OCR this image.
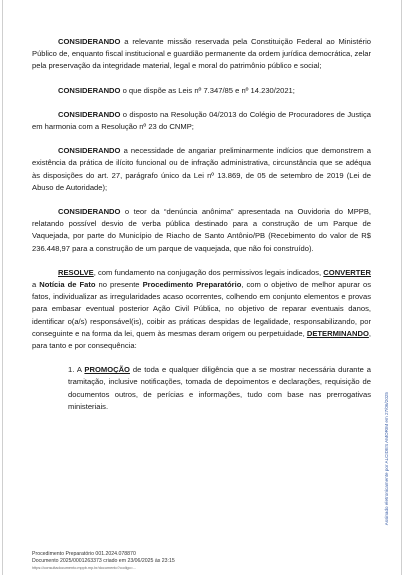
CONSIDERANDO a relevante missão reservada pela Constituição Federal ao Ministério Público de, enquanto fiscal institucional e guardião permanente da ordem jurídica democrática, zelar pela preservação da integridade material, legal e moral do patrimônio público e social;

CONSIDERANDO o que dispõe as Leis nº 7.347/85 e nº 14.230/2021;

CONSIDERANDO o disposto na Resolução 04/2013 do Colégio de Procuradores de Justiça em harmonia com a Resolução nº 23 do CNMP;

CONSIDERANDO a necessidade de angariar preliminarmente indícios que demonstrem a existência da prática de ilícito funcional ou de infração administrativa, circunstância que se adéqua às disposições do art. 27, parágrafo único da Lei nº 13.869, de 05 de setembro de 2019 (Lei de Abuso de Autoridade);

CONSIDERANDO o teor da “denúncia anônima” apresentada na Ouvidoria do MPPB, relatando possível desvio de verba pública destinado para a construção de um Parque de Vaquejada, por parte do Município de Riacho de Santo Antônio/PB (Recebimento do valor de R$ 236.448,97 para a construção de um parque de vaquejada, que não foi construído).

RESOLVE, com fundamento na conjugação dos permissivos legais indicados, CONVERTER a Notícia de Fato no presente Procedimento Preparatório, com o objetivo de melhor apurar os fatos, individualizar as irregularidades acaso ocorrentes, colhendo em conjunto elementos e provas para embasar eventual posterior Ação Civil Pública, no objetivo de reparar eventuais danos, identificar o(a/s) responsável(is), coibir as práticas despidas de legalidade, responsabilizando, por conseguinte e na forma da lei, quem às mesmas deram origem ou perpetuidade, DETERMINANDO, para tanto e por consequência:

1. A PROMOÇÃO de toda e qualquer diligência que a se mostrar necessária durante a tramitação, inclusive notificações, tomada de depoimentos e declarações, requisição de documentos outros, de perícias e informações, tudo com base nas prerrogativas ministeriais.

Procedimento Preparatório 001.2024.078870
Documento 2025/0001263373 criado em 23/06/2025 às 23:15
https://consultadocumento.mppb.mp.br/documento?codigo=...
Assinado eletronicamente por ALCIDES AMORIM em 27/06/2025
